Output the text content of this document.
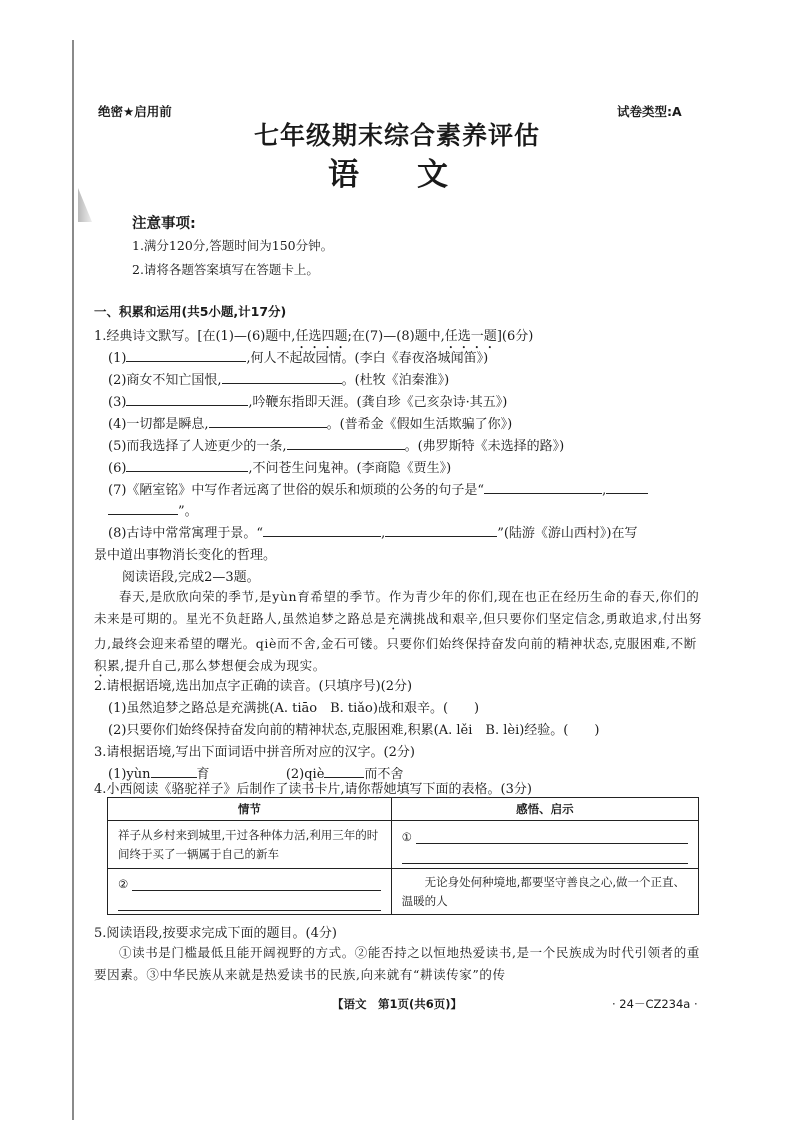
绝密★启用前	试卷类型:A
七年级期末综合素养评估
语文
注意事项:
1.满分120分,答题时间为150分钟。
2.请将各题答案填写在答题卡上。
一、积累和运用(共5小题,计17分)
1.经典诗文默写。[在(1)—(6)题中,任选四题;在(7)—(8)题中,任选一题](6分)
(1)	,何人不起故园情。(李白《春夜洛城闻笛》)
(2)商女不知亡国恨,	。(杜牧《泊秦淮》)
(3)	,吟鞭东指即天涯。(龚自珍《己亥杂诗·其五》)
(4)一切都是瞬息,	。(普希金《假如生活欺骗了你》)
(5)而我选择了人迹更少的一条,	。(弗罗斯特《未选择的路》)
(6)	,不问苍生问鬼神。(李商隐《贾生》)
(7)《陋室铭》中写作者远离了世俗的娱乐和烦琐的公务的句子是“	,
”。
(8)古诗中常常寓理于景。“	,	”(陆游《游山西村》)在写
景中道出事物消长变化的哲理。
阅读语段,完成2—3题。
春天,是欣欣向荣的季节,是yùn育希望的季节。作为青少年的你们,现在也正在经历生命的春天,你们的未来是可期的。星光不负赶路人,虽然追梦之路总是充满挑战和艰辛,但只要你们坚定信念,勇敢追求,付出努力,最终会迎来希望的曙光。qiè而不舍,金石可镂。只要你们始终保持奋发向前的精神状态,克服困难,不断积累,提升自己,那么梦想便会成为现实。
2.请根据语境,选出加点字正确的读音。(只填序号)(2分)
(1)虽然追梦之路总是充满挑(A. tiāo　B. tiǎo)战和艰辛。(　　)
(2)只要你们始终保持奋发向前的精神状态,克服困难,积累(A. lěi　B. lèi)经验。(　　)
3.请根据语境,写出下面词语中拼音所对应的汉字。(2分)
(1)yùn	育	(2)qiè	而不舍
4.小西阅读《骆驼祥子》后制作了读书卡片,请你帮她填写下面的表格。(3分)
情节	感悟、启示

祥子从乡村来到城里,干过各种体力活,利用三年的时间终于买了一辆属于自己的新车	①

②	无论身处何种境地,都要坚守善良之心,做一个正直、温暖的人
5.阅读语段,按要求完成下面的题目。(4分)
①读书是门槛最低且能开阔视野的方式。②能否持之以恒地热爱读书,是一个民族成为时代引领者的重要因素。③中华民族从来就是热爱读书的民族,向来就有“耕读传家”的传
【语文　第1页(共6页)】	· 24－CZ234a ·
